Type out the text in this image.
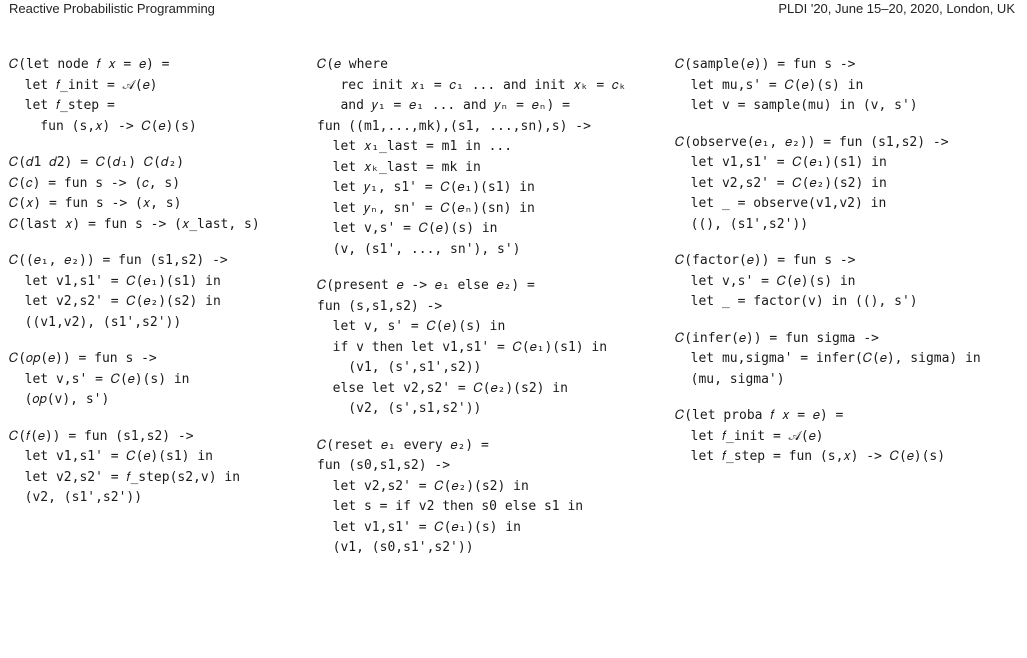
Reactive Probabilistic Programming	PLDI '20, June 15–20, 2020, London, UK
𝐶(let node 𝑓 𝑥 = 𝑒) =
let 𝑓_init = 𝒜(𝑒)
let 𝑓_step =
fun (s,𝑥) -> 𝐶(𝑒)(s)
𝐶(𝑑1 𝑑2) = 𝐶(𝑑₁) 𝐶(𝑑₂)
𝐶(𝑐) = fun s -> (𝑐, s)
𝐶(𝑥) = fun s -> (𝑥, s)
𝐶(last 𝑥) = fun s -> (𝑥_last, s)
𝐶((𝑒₁, 𝑒₂)) = fun (s1,s2) ->
let v1,s1' = 𝐶(𝑒₁)(s1) in
let v2,s2' = 𝐶(𝑒₂)(s2) in
((v1,v2), (s1',s2'))
𝐶(𝑜𝑝(𝑒)) = fun s ->
let v,s' = 𝐶(𝑒)(s) in
(𝑜𝑝(v), s')
𝐶(𝑓(𝑒)) = fun (s1,s2) ->
let v1,s1' = 𝐶(𝑒)(s1) in
let v2,s2' = 𝑓_step(s2,v) in
(v2, (s1',s2'))
𝐶(𝑒 where
rec init 𝑥₁ = 𝑐₁ ... and init 𝑥ₖ = 𝑐ₖ
and 𝑦₁ = 𝑒₁ ... and 𝑦ₙ = 𝑒ₙ) =
fun ((m1,...,mk),(s1, ...,sn),s) ->
let 𝑥₁_last = m1 in ...
let 𝑥ₖ_last = mk in
let 𝑦₁, s1' = 𝐶(𝑒₁)(s1) in
let 𝑦ₙ, sn' = 𝐶(𝑒ₙ)(sn) in
let v,s' = 𝐶(𝑒)(s) in
(v, (s1', ..., sn'), s')
𝐶(present 𝑒 -> 𝑒₁ else 𝑒₂) =
fun (s,s1,s2) ->
let v, s' = 𝐶(𝑒)(s) in
if v then let v1,s1' = 𝐶(𝑒₁)(s1) in
(v1, (s',s1',s2))
else let v2,s2' = 𝐶(𝑒₂)(s2) in
(v2, (s',s1,s2'))
𝐶(reset 𝑒₁ every 𝑒₂) =
fun (s0,s1,s2) ->
let v2,s2' = 𝐶(𝑒₂)(s2) in
let s = if v2 then s0 else s1 in
let v1,s1' = 𝐶(𝑒₁)(s) in
(v1, (s0,s1',s2'))
𝐶(sample(𝑒)) = fun s ->
let mu,s' = 𝐶(𝑒)(s) in
let v = sample(mu) in (v, s')
𝐶(observe(𝑒₁, 𝑒₂)) = fun (s1,s2) ->
let v1,s1' = 𝐶(𝑒₁)(s1) in
let v2,s2' = 𝐶(𝑒₂)(s2) in
let _ = observe(v1,v2) in
((), (s1',s2'))
𝐶(factor(𝑒)) = fun s ->
let v,s' = 𝐶(𝑒)(s) in
let _ = factor(v) in ((), s')
𝐶(infer(𝑒)) = fun sigma ->
let mu,sigma' = infer(𝐶(𝑒), sigma) in
(mu, sigma')
𝐶(let proba 𝑓 𝑥 = 𝑒) =
let 𝑓_init = 𝒜(𝑒)
let 𝑓_step = fun (s,𝑥) -> 𝐶(𝑒)(s)
